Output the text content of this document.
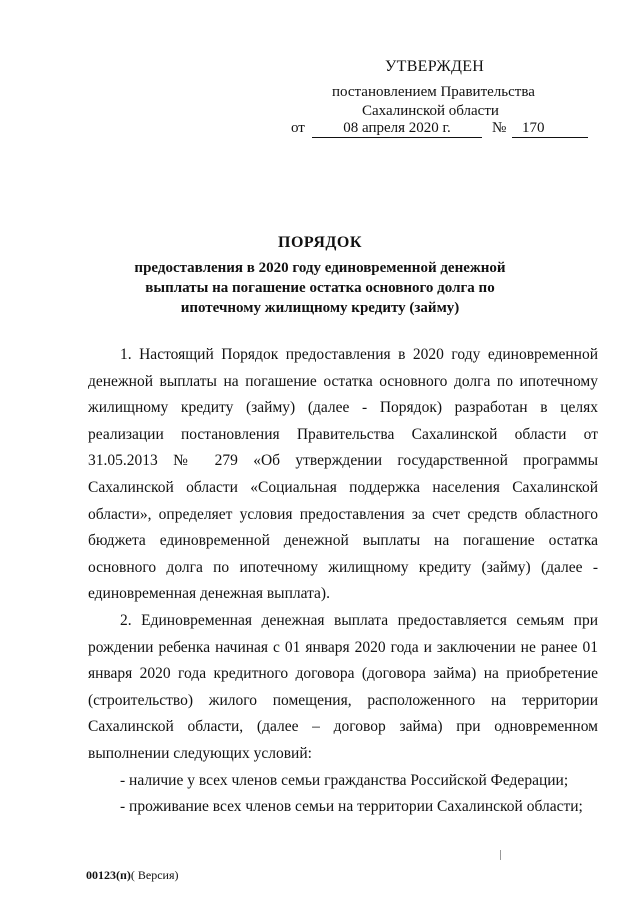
УТВЕРЖДЕН
постановлением Правительства
Сахалинской области
от	08 апреля 2020 г.	№	170
ПОРЯДОК
предоставления в 2020 году единовременной денежной выплаты на погашение остатка основного долга по ипотечному жилищному кредиту (займу)

1. Настоящий Порядок предоставления в 2020 году единовременной денежной выплаты на погашение остатка основного долга по ипотечному жилищному кредиту (займу) (далее - Порядок) разработан в целях реализации постановления Правительства Сахалинской области от 31.05.2013 № 279 «Об утверждении государственной программы Сахалинской области «Социальная поддержка населения Сахалинской области», определяет условия предоставления за счет средств областного бюджета единовременной денежной выплаты на погашение остатка основного долга по ипотечному жилищному кредиту (займу) (далее - единовременная денежная выплата).

2. Единовременная денежная выплата предоставляется семьям при рождении ребенка начиная с 01 января 2020 года и заключении не ранее 01 января 2020 года кредитного договора (договора займа) на приобретение (строительство) жилого помещения, расположенного на территории Сахалинской области, (далее – договор займа) при одновременном выполнении следующих условий:

- наличие у всех членов семьи гражданства Российской Федерации;

- проживание всех членов семьи на территории Сахалинской области;

00123(п)( Версия)
